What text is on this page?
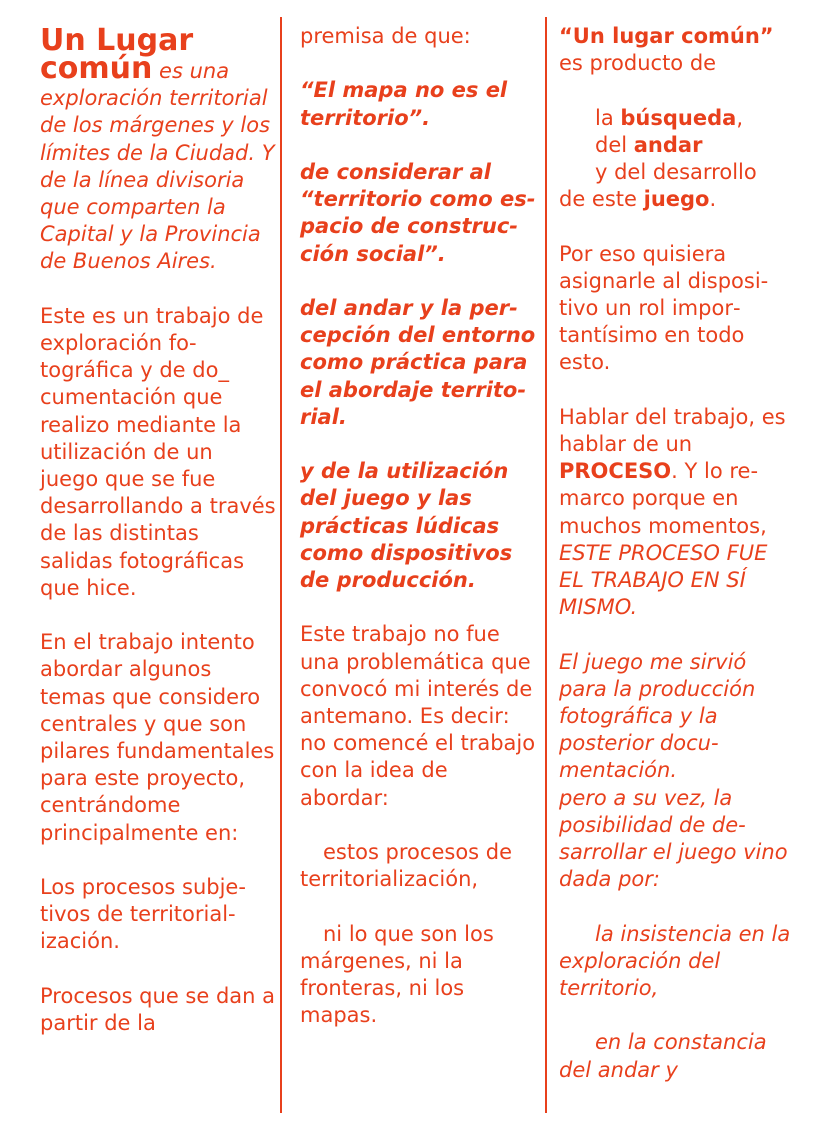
Un Lugar
común es una exploración territorial de los márgenes y los límites de la Ciudad. Y de la línea divisoria que comparten la Capital y la Provincia de Buenos Aires.

Este es un trabajo de exploración fotográfica y de do_ cumentación que realizo mediante la utilización de un juego que se fue desarrollando a través de las distintas salidas fotográficas que hice.

En el trabajo intento abordar algunos temas que considero centrales y que son pilares fundamentales para este proyecto, centrándome principalmente en:

Los procesos subjetivos de territorialización.

Procesos que se dan a partir de la

premisa de que:

“El mapa no es el territorio”.

de considerar al “territorio como espacio de construcción social”.

del andar y la percepción del entorno como práctica para el abordaje territorial.

y de la utilización del juego y las prácticas lúdicas como dispositivos de producción.

Este trabajo no fue una problemática que convocó mi interés de antemano. Es decir: no comencé el trabajo con la idea de abordar:

estos procesos de territorialización,

ni lo que son los márgenes, ni la fronteras, ni los mapas.

“Un lugar común”
es producto de

la búsqueda,
del andar
y del desarrollo
de este juego.

Por eso quisiera asignarle al dispositivo un rol importantísimo en todo esto.

Hablar del trabajo, es hablar de un PROCESO. Y lo remarco porque en muchos momentos, ESTE PROCESO FUE EL TRABAJO EN SÍ MISMO.

El juego me sirvió para la producción fotográfica y la posterior documentación.
pero a su vez, la posibilidad de desarrollar el juego vino dada por:

la insistencia en la exploración del territorio,

en la constancia del andar y
